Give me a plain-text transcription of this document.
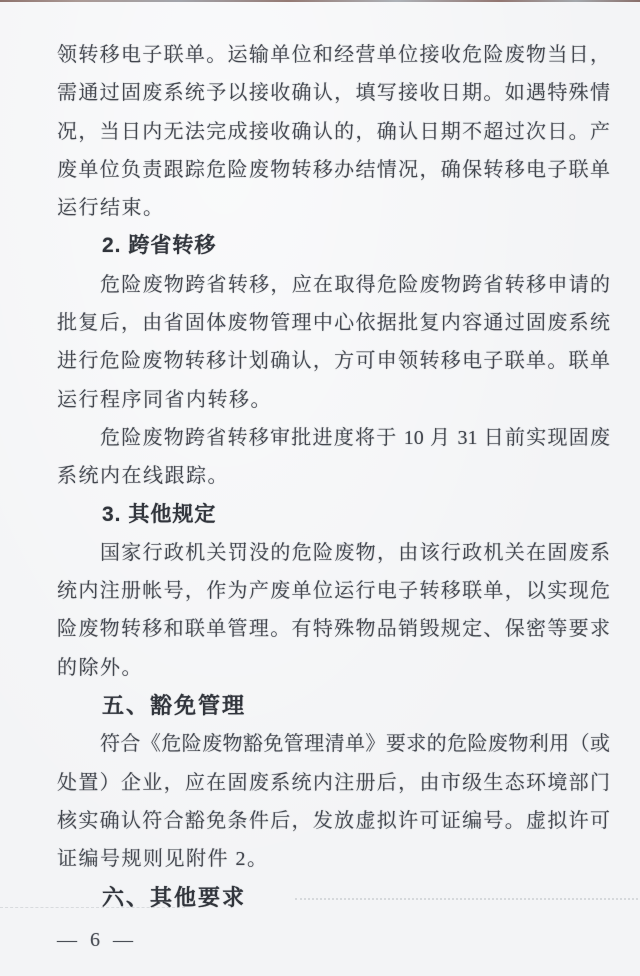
领转移电子联单。运输单位和经营单位接收危险废物当日，
需通过固废系统予以接收确认，填写接收日期。如遇特殊情
况，当日内无法完成接收确认的，确认日期不超过次日。产
废单位负责跟踪危险废物转移办结情况，确保转移电子联单
运行结束。
2. 跨省转移
危险废物跨省转移，应在取得危险废物跨省转移申请的
批复后，由省固体废物管理中心依据批复内容通过固废系统
进行危险废物转移计划确认，方可申领转移电子联单。联单
运行程序同省内转移。
危险废物跨省转移审批进度将于 10 月 31 日前实现固废
系统内在线跟踪。
3. 其他规定
国家行政机关罚没的危险废物，由该行政机关在固废系
统内注册帐号，作为产废单位运行电子转移联单，以实现危
险废物转移和联单管理。有特殊物品销毁规定、保密等要求
的除外。
五、豁免管理
符合《危险废物豁免管理清单》要求的危险废物利用（或
处置）企业，应在固废系统内注册后，由市级生态环境部门
核实确认符合豁免条件后，发放虚拟许可证编号。虚拟许可
证编号规则见附件 2。
六、其他要求
— 6 —
